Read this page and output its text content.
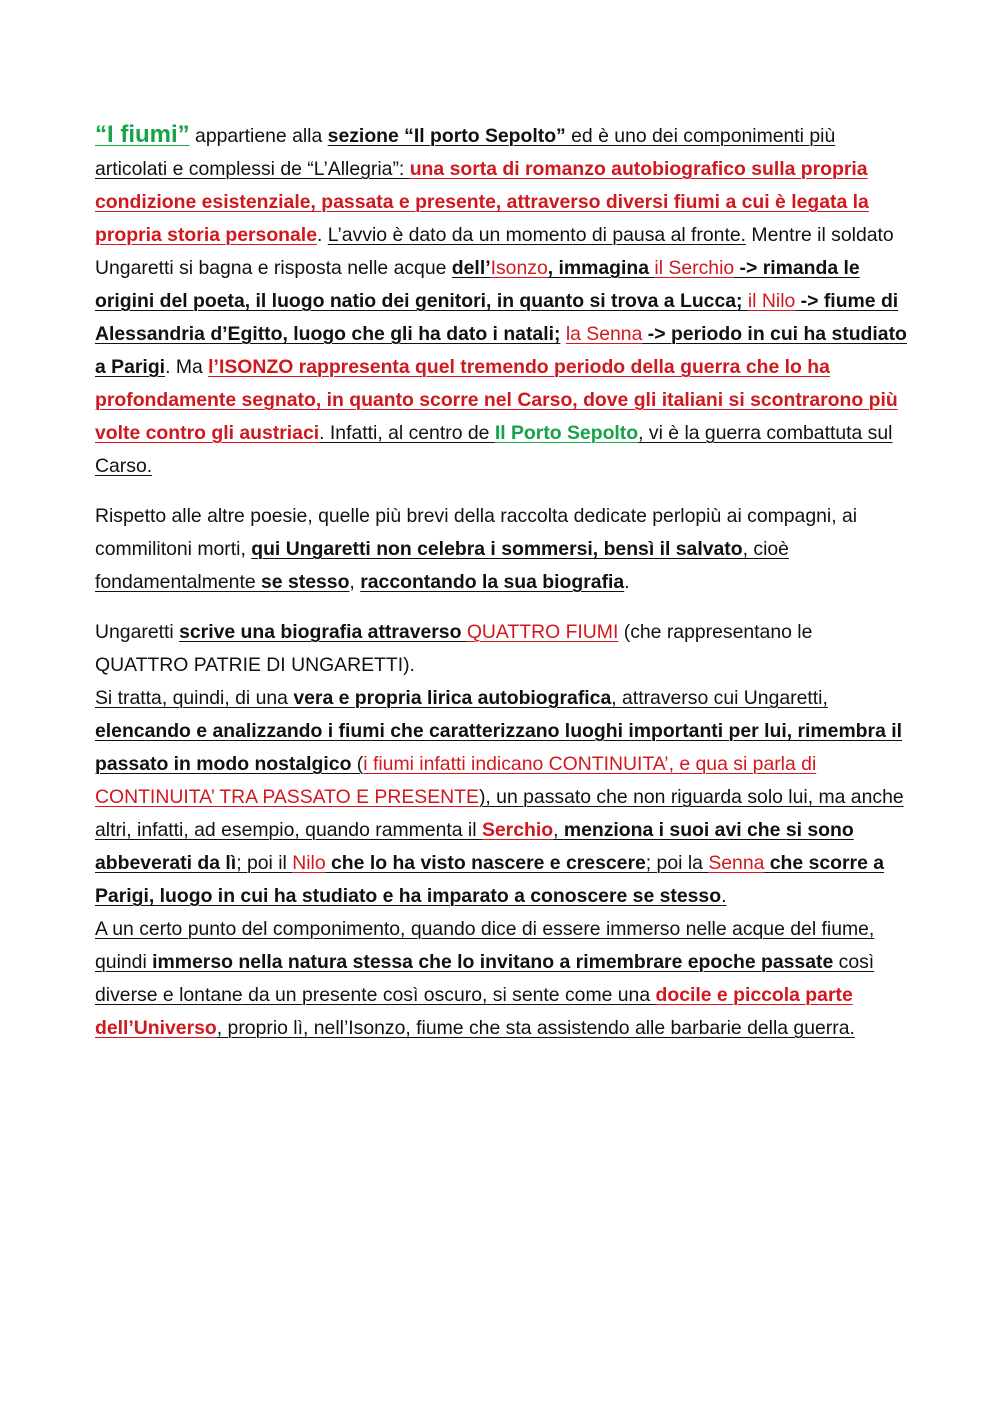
“I fiumi” appartiene alla sezione “Il porto Sepolto” ed è uno dei componimenti più articolati e complessi de “L’Allegria”: una sorta di romanzo autobiografico sulla propria condizione esistenziale, passata e presente, attraverso diversi fiumi a cui è legata la propria storia personale. L’avvio è dato da un momento di pausa al fronte. Mentre il soldato Ungaretti si bagna e risposta nelle acque dell’Isonzo, immagina il Serchio -> rimanda le origini del poeta, il luogo natio dei genitori, in quanto si trova a Lucca; il Nilo -> fiume di Alessandria d’Egitto, luogo che gli ha dato i natali; la Senna -> periodo in cui ha studiato a Parigi. Ma l’ISONZO rappresenta quel tremendo periodo della guerra che lo ha profondamente segnato, in quanto scorre nel Carso, dove gli italiani si scontrarono più volte contro gli austriaci. Infatti, al centro de Il Porto Sepolto, vi è la guerra combattuta sul Carso.

Rispetto alle altre poesie, quelle più brevi della raccolta dedicate perlopiù ai compagni, ai commilitoni morti, qui Ungaretti non celebra i sommersi, bensì il salvato, cioè fondamentalmente se stesso, raccontando la sua biografia.

Ungaretti scrive una biografia attraverso QUATTRO FIUMI (che rappresentano le QUATTRO PATRIE DI UNGARETTI).

Si tratta, quindi, di una vera e propria lirica autobiografica, attraverso cui Ungaretti, elencando e analizzando i fiumi che caratterizzano luoghi importanti per lui, rimembra il passato in modo nostalgico (i fiumi infatti indicano CONTINUITA’, e qua si parla di CONTINUITA’ TRA PASSATO E PRESENTE), un passato che non riguarda solo lui, ma anche altri, infatti, ad esempio, quando rammenta il Serchio, menziona i suoi avi che si sono abbeverati da lì; poi il Nilo che lo ha visto nascere e crescere; poi la Senna che scorre a Parigi, luogo in cui ha studiato e ha imparato a conoscere se stesso.

A un certo punto del componimento, quando dice di essere immerso nelle acque del fiume, quindi immerso nella natura stessa che lo invitano a rimembrare epoche passate così diverse e lontane da un presente così oscuro, si sente come una docile e piccola parte dell’Universo, proprio lì, nell’Isonzo, fiume che sta assistendo alle barbarie della guerra.
